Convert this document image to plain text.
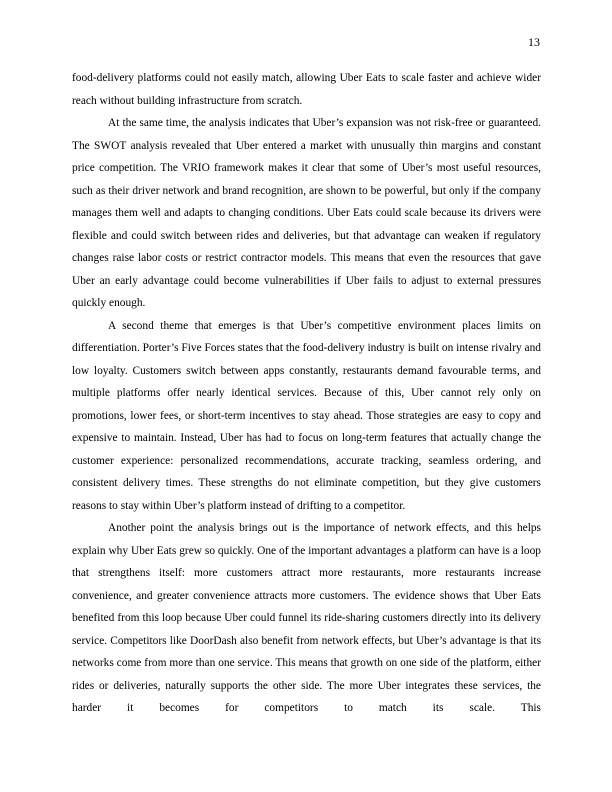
13

food-delivery platforms could not easily match, allowing Uber Eats to scale faster and achieve wider reach without building infrastructure from scratch.

At the same time, the analysis indicates that Uber’s expansion was not risk-free or guaranteed. The SWOT analysis revealed that Uber entered a market with unusually thin margins and constant price competition. The VRIO framework makes it clear that some of Uber’s most useful resources, such as their driver network and brand recognition, are shown to be powerful, but only if the company manages them well and adapts to changing conditions. Uber Eats could scale because its drivers were flexible and could switch between rides and deliveries, but that advantage can weaken if regulatory changes raise labor costs or restrict contractor models. This means that even the resources that gave Uber an early advantage could become vulnerabilities if Uber fails to adjust to external pressures quickly enough.

A second theme that emerges is that Uber’s competitive environment places limits on differentiation. Porter’s Five Forces states that the food-delivery industry is built on intense rivalry and low loyalty. Customers switch between apps constantly, restaurants demand favourable terms, and multiple platforms offer nearly identical services. Because of this, Uber cannot rely only on promotions, lower fees, or short-term incentives to stay ahead. Those strategies are easy to copy and expensive to maintain. Instead, Uber has had to focus on long-term features that actually change the customer experience: personalized recommendations, accurate tracking, seamless ordering, and consistent delivery times. These strengths do not eliminate competition, but they give customers reasons to stay within Uber’s platform instead of drifting to a competitor.

Another point the analysis brings out is the importance of network effects, and this helps explain why Uber Eats grew so quickly. One of the important advantages a platform can have is a loop that strengthens itself: more customers attract more restaurants, more restaurants increase convenience, and greater convenience attracts more customers. The evidence shows that Uber Eats benefited from this loop because Uber could funnel its ride-sharing customers directly into its delivery service. Competitors like DoorDash also benefit from network effects, but Uber’s advantage is that its networks come from more than one service. This means that growth on one side of the platform, either rides or deliveries, naturally supports the other side. The more Uber integrates these services, the harder it becomes for competitors to match its scale. This
